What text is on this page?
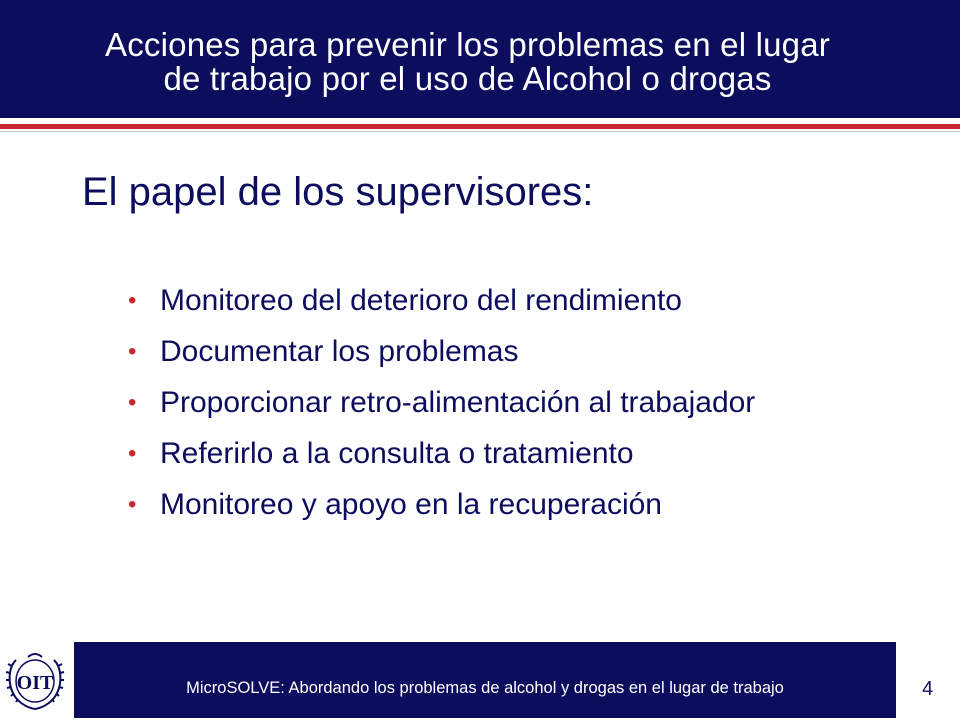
Acciones para prevenir los problemas en el lugar
de trabajo por el uso de Alcohol o drogas
El papel de los supervisores:
• Monitoreo del deterioro del rendimiento
• Documentar los problemas
• Proporcionar retro-alimentación al trabajador
• Referirlo a la consulta o tratamiento
• Monitoreo y apoyo en la recuperación
OIT	MicroSOLVE: Abordando los problemas de alcohol y drogas en el lugar de trabajo	4
